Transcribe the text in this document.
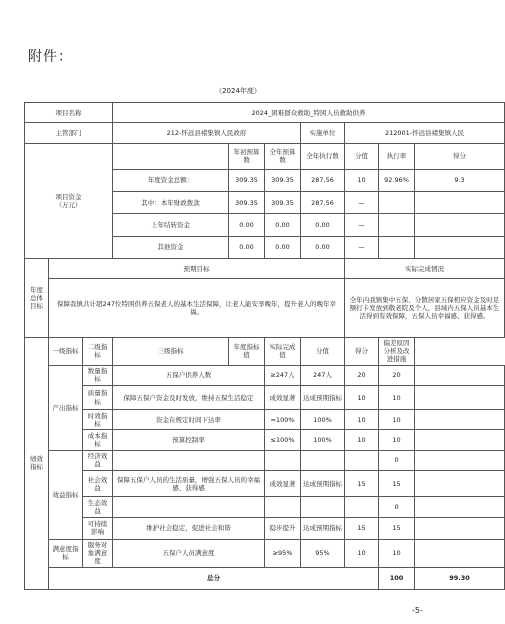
附件：
（2024年度）
项目名称			2024_困难群众救助_特困人员救助供养							
主管部门			212-怀远县褚集镇人民政府			实施单位	212001-怀远县褚集镇人民			
项目资金
（万元）				年初预算数	全年预算数	全年执行数	分值	执行率	得分	
			年度资金总额：	309.35	309.35	287.56	10	92.96%	9.3	
			其中：本年财政拨款	309.35	309.35	287.56	—			
			上年结转资金	0.00	0.00	0.00	—			
			其他资金	0.00	0.00	0.00	—			
年度总体目标	预期目标						实际完成情况			
	保障我镇共计超247位特困供养五保老人的基本生活保障，让老人能安享晚年，提升老人的晚年幸福。						全年内我镇集中五保、分散居家五保相应资金及时足额打卡发放到敬老院及个人，县域内五保人员基本生活得到有效保障，五保人员幸福感、获得感。			
绩效指标	一级指标	二级指标	三级指标	年度指标值	实际完成值	分值	得分	偏差原因分析及改进措施		
	产出指标	数量指标	五保户供养人数		≥247人	247人	20	20		
		质量指标	保障五保户资金及时发放，维持五保生活稳定		成效显著	达成预期指标	10	10		
		时效指标	资金在规定时间下达率		=100%	100%	10	10		
		成本指标	预算控制率		≤100%	100%	10	10		
	效益指标	经济效益						0		
		社会效益	保障五保户人员的生活质量，增强五保人员的幸福感、获得感		成效显著	达成预期指标	15	15		
		生态效益						0		
		可持续影响	维护社会稳定，促进社会和谐		稳步提升	达成预期指标	15	15		
	满意度指标	服务对象满意度	五保户人员满意度		≥95%	95%	10	10		
	总分							100	99.30	
-5-
